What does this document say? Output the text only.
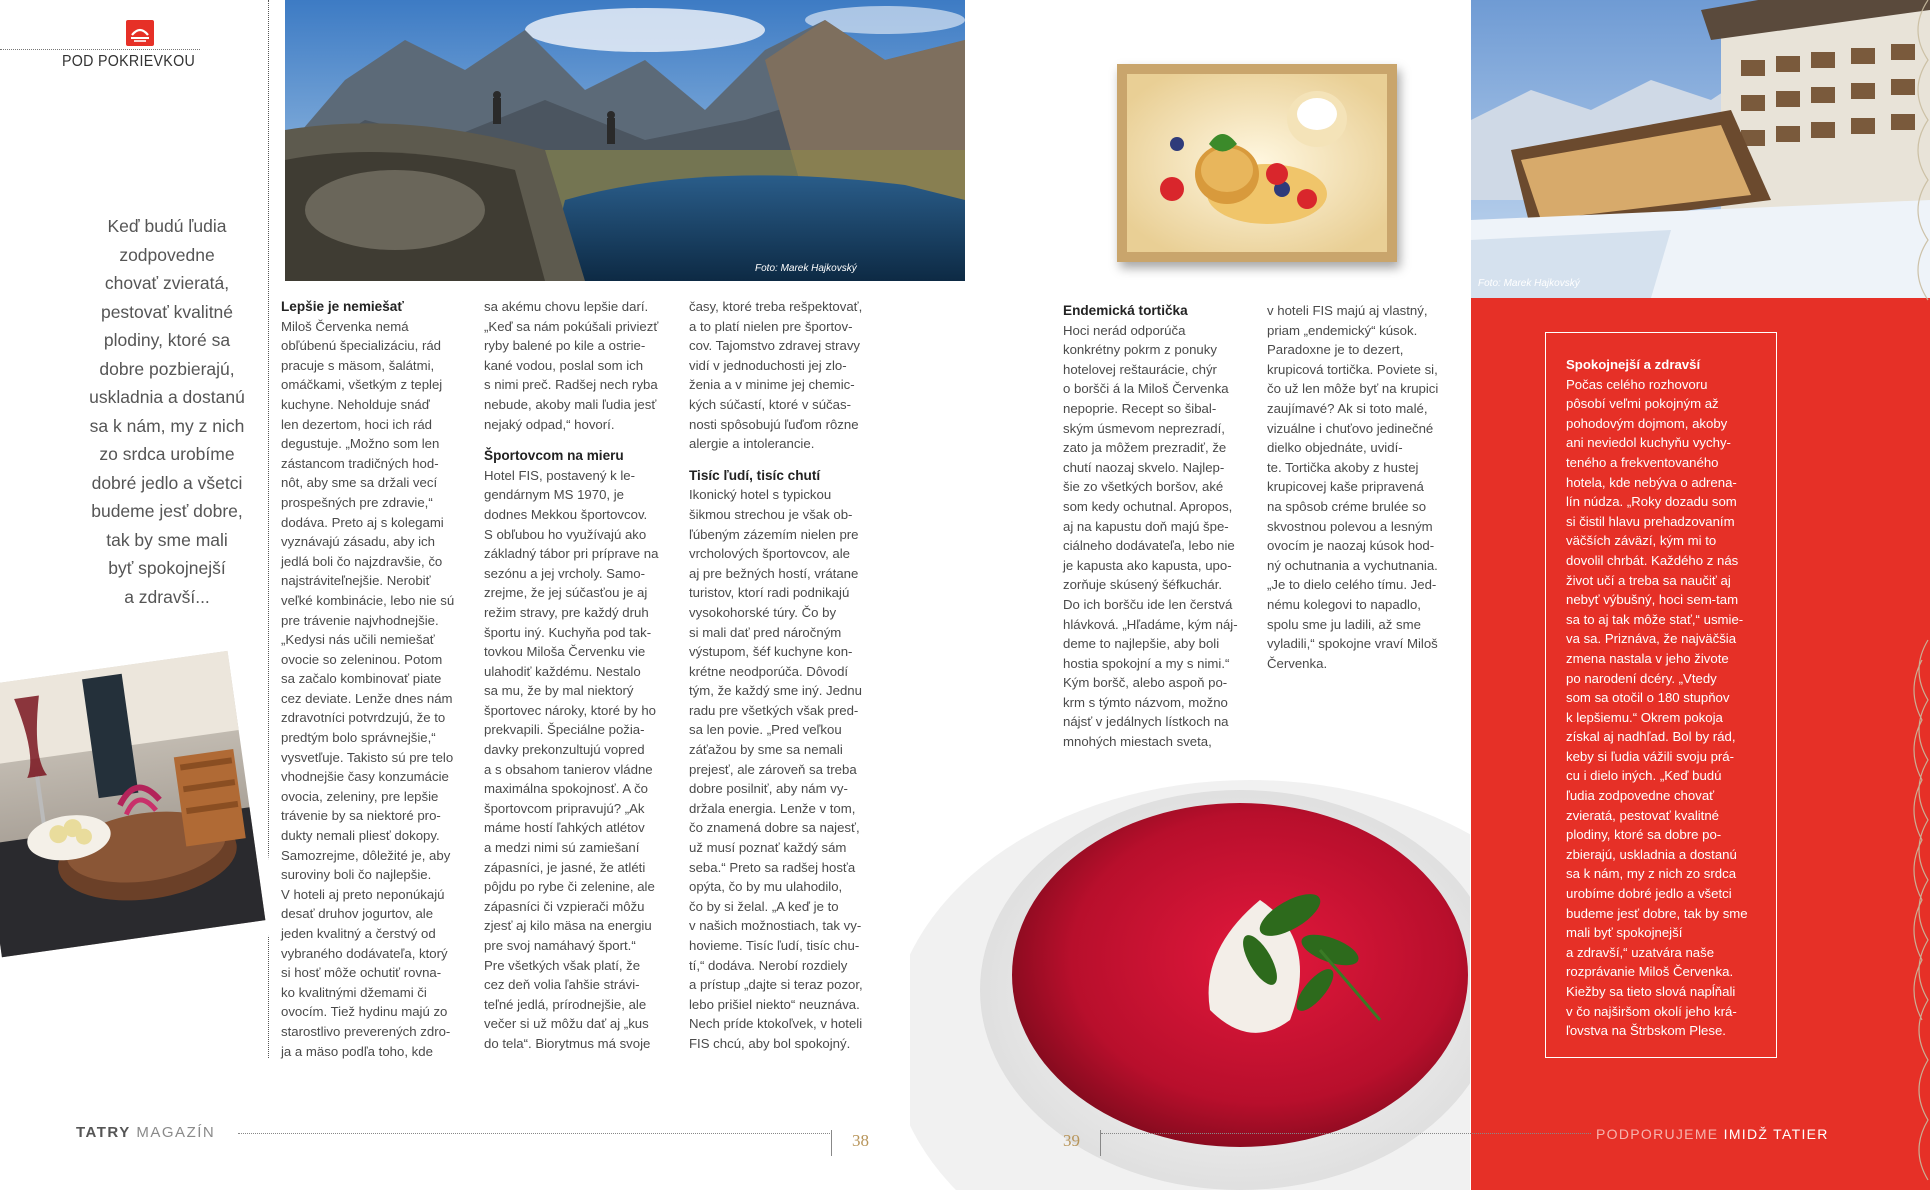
POD POKRIEVKOU
Keď budú ľudia
zodpovedne
chovať zvieratá,
pestovať kvalitné
plodiny, ktoré sa
dobre pozbierajú,
uskladnia a dostanú
sa k nám, my z nich
zo srdca urobíme
dobré jedlo a všetci
budeme jesť dobre,
tak by sme mali
byť spokojnejší
a zdravší...
Foto: Marek Hajkovský
Lepšie je nemiešať
Miloš Červenka nemá
obľúbenú špecializáciu, rád
pracuje s mäsom, šalátmi,
omáčkami, všetkým z teplej
kuchyne. Neholduje snáď
len dezertom, hoci ich rád
degustuje. „Možno som len
zástancom tradičných hod-
nôt, aby sme sa držali vecí
prospešných pre zdravie,“
dodáva. Preto aj s kolegami
vyznávajú zásadu, aby ich
jedlá boli čo najzdravšie, čo
najstráviteľnejšie. Nerobiť
veľké kombinácie, lebo nie sú
pre trávenie najvhodnejšie.
„Kedysi nás učili nemiešať
ovocie so zeleninou. Potom
sa začalo kombinovať piate
cez deviate. Lenže dnes nám
zdravotníci potvrdzujú, že to
predtým bolo správnejšie,“
vysvetľuje. Takisto sú pre telo
vhodnejšie časy konzumácie
ovocia, zeleniny, pre lepšie
trávenie by sa niektoré pro-
dukty nemali pliesť dokopy.
Samozrejme, dôležité je, aby
suroviny boli čo najlepšie.
V hoteli aj preto neponúkajú
desať druhov jogurtov, ale
jeden kvalitný a čerstvý od
vybraného dodávateľa, ktorý
si hosť môže ochutiť rovna-
ko kvalitnými džemami či
ovocím. Tiež hydinu majú zo
starostlivo preverených zdro-
ja a mäso podľa toho, kde
sa akému chovu lepšie darí.
„Keď sa nám pokúšali priviezť
ryby balené po kile a ostrie-
kané vodou, poslal som ich
s nimi preč. Radšej nech ryba
nebude, akoby mali ľudia jesť
nejaký odpad,“ hovorí.
Športovcom na mieru
Hotel FIS, postavený k le-
gendárnym MS 1970, je
dodnes Mekkou športovcov.
S obľubou ho využívajú ako
základný tábor pri príprave na
sezónu a jej vrcholy. Samo-
zrejme, že jej súčasťou je aj
režim stravy, pre každý druh
športu iný. Kuchyňa pod tak-
tovkou Miloša Červenku vie
ulahodiť každému. Nestalo
sa mu, že by mal niektorý
športovec nároky, ktoré by ho
prekvapili. Špeciálne požia-
davky prekonzultujú vopred
a s obsahom tanierov vládne
maximálna spokojnosť. A čo
športovcom pripravujú? „Ak
máme hostí ľahkých atlétov
a medzi nimi sú zamiešaní
zápasníci, je jasné, že atléti
pôjdu po rybe či zelenine, ale
zápasníci či vzpierači môžu
zjesť aj kilo mäsa na energiu
pre svoj namáhavý šport.“
Pre všetkých však platí, že
cez deň volia ľahšie strávi-
teľné jedlá, prírodnejšie, ale
večer si už môžu dať aj „kus
do tela“. Biorytmus má svoje
časy, ktoré treba rešpektovať,
a to platí nielen pre športov-
cov. Tajomstvo zdravej stravy
vidí v jednoduchosti jej zlo-
ženia a v minime jej chemic-
kých súčastí, ktoré v súčas-
nosti spôsobujú ľuďom rôzne
alergie a intolerancie.
Tisíc ľudí, tisíc chutí
Ikonický hotel s typickou
šikmou strechou je však ob-
ľúbeným zázemím nielen pre
vrcholových športovcov, ale
aj pre bežných hostí, vrátane
turistov, ktorí radi podnikajú
vysokohorské túry. Čo by
si mali dať pred náročným
výstupom, šéf kuchyne kon-
krétne neodporúča. Dôvodí
tým, že každý sme iný. Jednu
radu pre všetkých však pred-
sa len povie. „Pred veľkou
záťažou by sme sa nemali
prejesť, ale zároveň sa treba
dobre posilniť, aby nám vy-
držala energia. Lenže v tom,
čo znamená dobre sa najesť,
už musí poznať každý sám
seba.“ Preto sa radšej hosťa
opýta, čo by mu ulahodilo,
čo by si želal. „A keď je to
v našich možnostiach, tak vy-
hovieme. Tisíc ľudí, tisíc chu-
tí,“ dodáva. Nerobí rozdiely
a prístup „dajte si teraz pozor,
lebo prišiel niekto“ neuznáva.
Nech príde ktokoľvek, v hoteli
FIS chcú, aby bol spokojný.
TATRY MAGAZÍN	38
Endemická tortička
Hoci nerád odporúča
konkrétny pokrm z ponuky
hotelovej reštaurácie, chýr
o boršči á la Miloš Červenka
nepoprie. Recept so šibal-
ským úsmevom neprezradí,
zato ja môžem prezradiť, že
chutí naozaj skvelo. Najlep-
šie zo všetkých boršov, aké
som kedy ochutnal. Apropos,
aj na kapustu doň majú špe-
ciálneho dodávateľa, lebo nie
je kapusta ako kapusta, upo-
zorňuje skúsený šéfkuchár.
Do ich boršču ide len čerstvá
hlávková. „Hľadáme, kým náj-
deme to najlepšie, aby boli
hostia spokojní a my s nimi.“
Kým boršč, alebo aspoň po-
krm s týmto názvom, možno
nájsť v jedálnych lístkoch na
mnohých miestach sveta,
v hoteli FIS majú aj vlastný,
priam „endemický“ kúsok.
Paradoxne je to dezert,
krupicová tortička. Poviete si,
čo už len môže byť na krupici
zaujímavé? Ak si toto malé,
vizuálne i chuťovo jedinečné
dielko objednáte, uvidí-
te. Tortička akoby z hustej
krupicovej kaše pripravená
na spôsob créme brulée so
skvostnou polevou a lesným
ovocím je naozaj kúsok hod-
ný ochutnania a vychutnania.
„Je to dielo celého tímu. Jed-
nému kolegovi to napadlo,
spolu sme ju ladili, až sme
vyladili,“ spokojne vraví Miloš
Červenka.
Foto: Marek Hajkovský
Spokojnejší a zdravší
Počas celého rozhovoru
pôsobí veľmi pokojným až
pohodovým dojmom, akoby
ani neviedol kuchyňu vychy-
teného a frekventovaného
hotela, kde nebýva o adrena-
lín núdza. „Roky dozadu som
si čistil hlavu prehadzovaním
väčších záväzí, kým mi to
dovolil chrbát. Každého z nás
život učí a treba sa naučiť aj
nebyť výbušný, hoci sem-tam
sa to aj tak môže stať,“ usmie-
va sa. Priznáva, že najväčšia
zmena nastala v jeho živote
po narodení dcéry. „Vtedy
som sa otočil o 180 stupňov
k lepšiemu.“ Okrem pokoja
získal aj nadhľad. Bol by rád,
keby si ľudia vážili svoju prá-
cu i dielo iných. „Keď budú
ľudia zodpovedne chovať
zvieratá, pestovať kvalitné
plodiny, ktoré sa dobre po-
zbierajú, uskladnia a dostanú
sa k nám, my z nich zo srdca
urobíme dobré jedlo a všetci
budeme jesť dobre, tak by sme
mali byť spokojnejší
a zdravší,“ uzatvára naše
rozprávanie Miloš Červenka.
Kiežby sa tieto slová napĺňali
v čo najširšom okolí jeho krá-
ľovstva na Štrbskom Plese.
39	PODPORUJEME IMIDŽ TATIER
